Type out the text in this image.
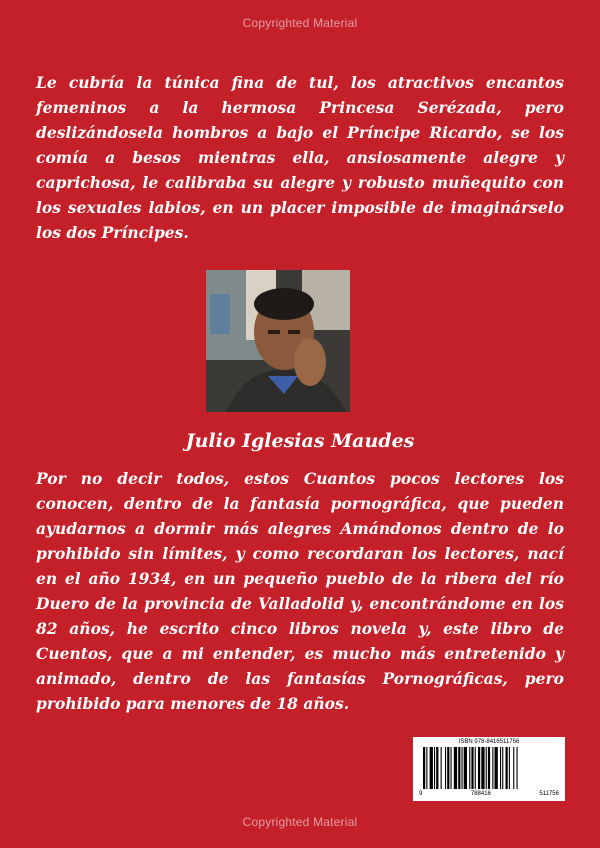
Copyrighted Material
Le cubría la túnica fina de tul, los atractivos encantos femeninos a la hermosa Princesa Serézada, pero deslizándosela hombros a bajo el Príncipe Ricardo, se los comía a besos mientras ella, ansiosamente alegre y caprichosa, le calibraba su alegre y robusto muñequito con los sexuales labios, en un placer imposible de imaginárselo los dos Príncipes.
Julio Iglesias Maudes
Por no decir todos, estos Cuantos pocos lectores los conocen, dentro de la fantasía pornográfica, que pueden ayudarnos a dormir más alegres Amándonos dentro de lo prohibido sin límites, y como recordaran los lectores, nací en el año 1934, en un pequeño pueblo de la ribera del río Duero de la provincia de Valladolid y, encontrándome en los 82 años, he escrito cinco libros novela y, este libro de Cuentos, que a mi entender, es mucho más entretenido y animado, dentro de las fantasías Pornográficas, pero prohibido para menores de 18 años.
ISBN 978-8416511756
9	788416	511756
Copyrighted Material
